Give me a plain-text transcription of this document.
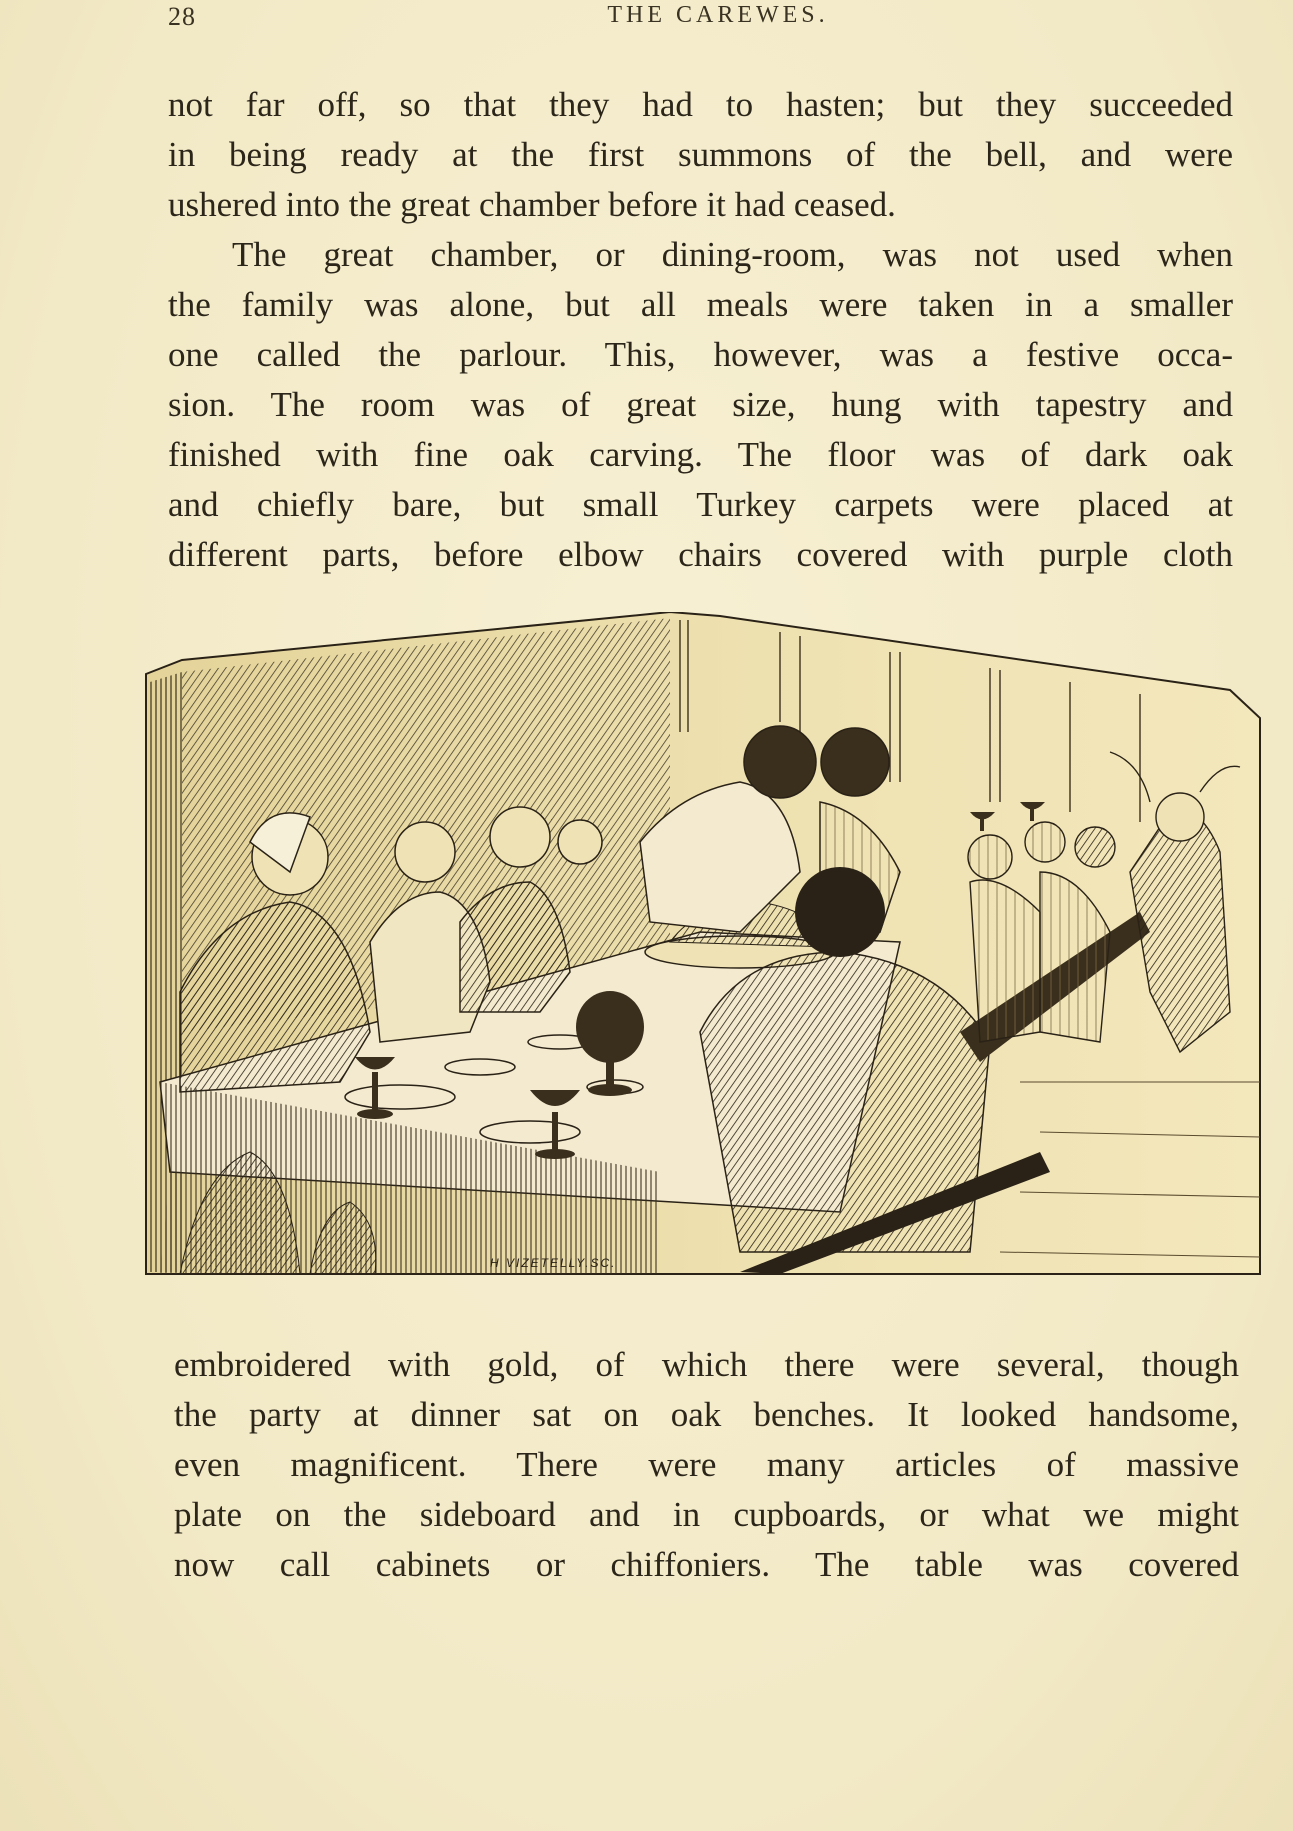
28	THE CAREWES.
not far off, so that they had to hasten; but they succeeded
in being ready at the first summons of the bell, and were
ushered into the great chamber before it had ceased.
The great chamber, or dining-room, was not used when
the family was alone, but all meals were taken in a smaller
one called the parlour. This, however, was a festive occa-
sion. The room was of great size, hung with tapestry and
finished with fine oak carving. The floor was of dark oak
and chiefly bare, but small Turkey carpets were placed at
different parts, before elbow chairs covered with purple cloth
H VIZETELLY.SC.
embroidered with gold, of which there were several, though
the party at dinner sat on oak benches. It looked handsome,
even magnificent. There were many articles of massive
plate on the sideboard and in cupboards, or what we might
now call cabinets or chiffoniers. The table was covered
